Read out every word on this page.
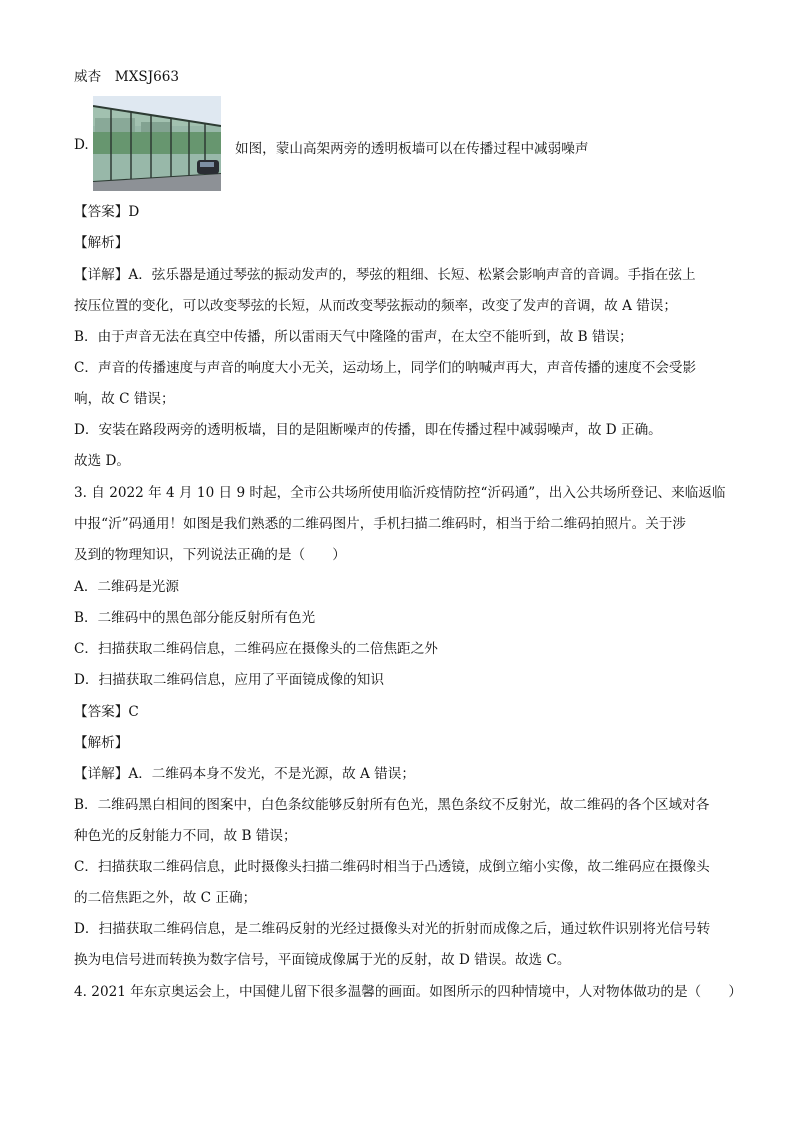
威杏　MXSJ663
D.	如图，蒙山高架两旁的透明板墙可以在传播过程中减弱噪声
【答案】D
【解析】
【详解】A．弦乐器是通过琴弦的振动发声的，琴弦的粗细、长短、松紧会影响声音的音调。手指在弦上
按压位置的变化，可以改变琴弦的长短，从而改变琴弦振动的频率，改变了发声的音调，故 A 错误；
B．由于声音无法在真空中传播，所以雷雨天气中隆隆的雷声，在太空不能听到，故 B 错误；
C．声音的传播速度与声音的响度大小无关，运动场上，同学们的呐喊声再大，声音传播的速度不会受影
响，故 C 错误；
D．安装在路段两旁的透明板墙，目的是阻断噪声的传播，即在传播过程中减弱噪声，故 D 正确。
故选 D。
3. 自 2022 年 4 月 10 日 9 时起，全市公共场所使用临沂疫情防控“沂码通”，出入公共场所登记、来临返临
中报“沂”码通用！如图是我们熟悉的二维码图片，手机扫描二维码时，相当于给二维码拍照片。关于涉
及到的物理知识，下列说法正确的是（　　）
A．二维码是光源
B．二维码中的黑色部分能反射所有色光
C．扫描获取二维码信息，二维码应在摄像头的二倍焦距之外
D．扫描获取二维码信息，应用了平面镜成像的知识
【答案】C
【解析】
【详解】A．二维码本身不发光，不是光源，故 A 错误；
B．二维码黑白相间的图案中，白色条纹能够反射所有色光，黑色条纹不反射光，故二维码的各个区域对各
种色光的反射能力不同，故 B 错误；
C．扫描获取二维码信息，此时摄像头扫描二维码时相当于凸透镜，成倒立缩小实像，故二维码应在摄像头
的二倍焦距之外，故 C 正确；
D．扫描获取二维码信息，是二维码反射的光经过摄像头对光的折射而成像之后，通过软件识别将光信号转
换为电信号进而转换为数字信号，平面镜成像属于光的反射，故 D 错误。故选 C。
4. 2021 年东京奥运会上，中国健儿留下很多温馨的画面。如图所示的四种情境中，人对物体做功的是（　　）
